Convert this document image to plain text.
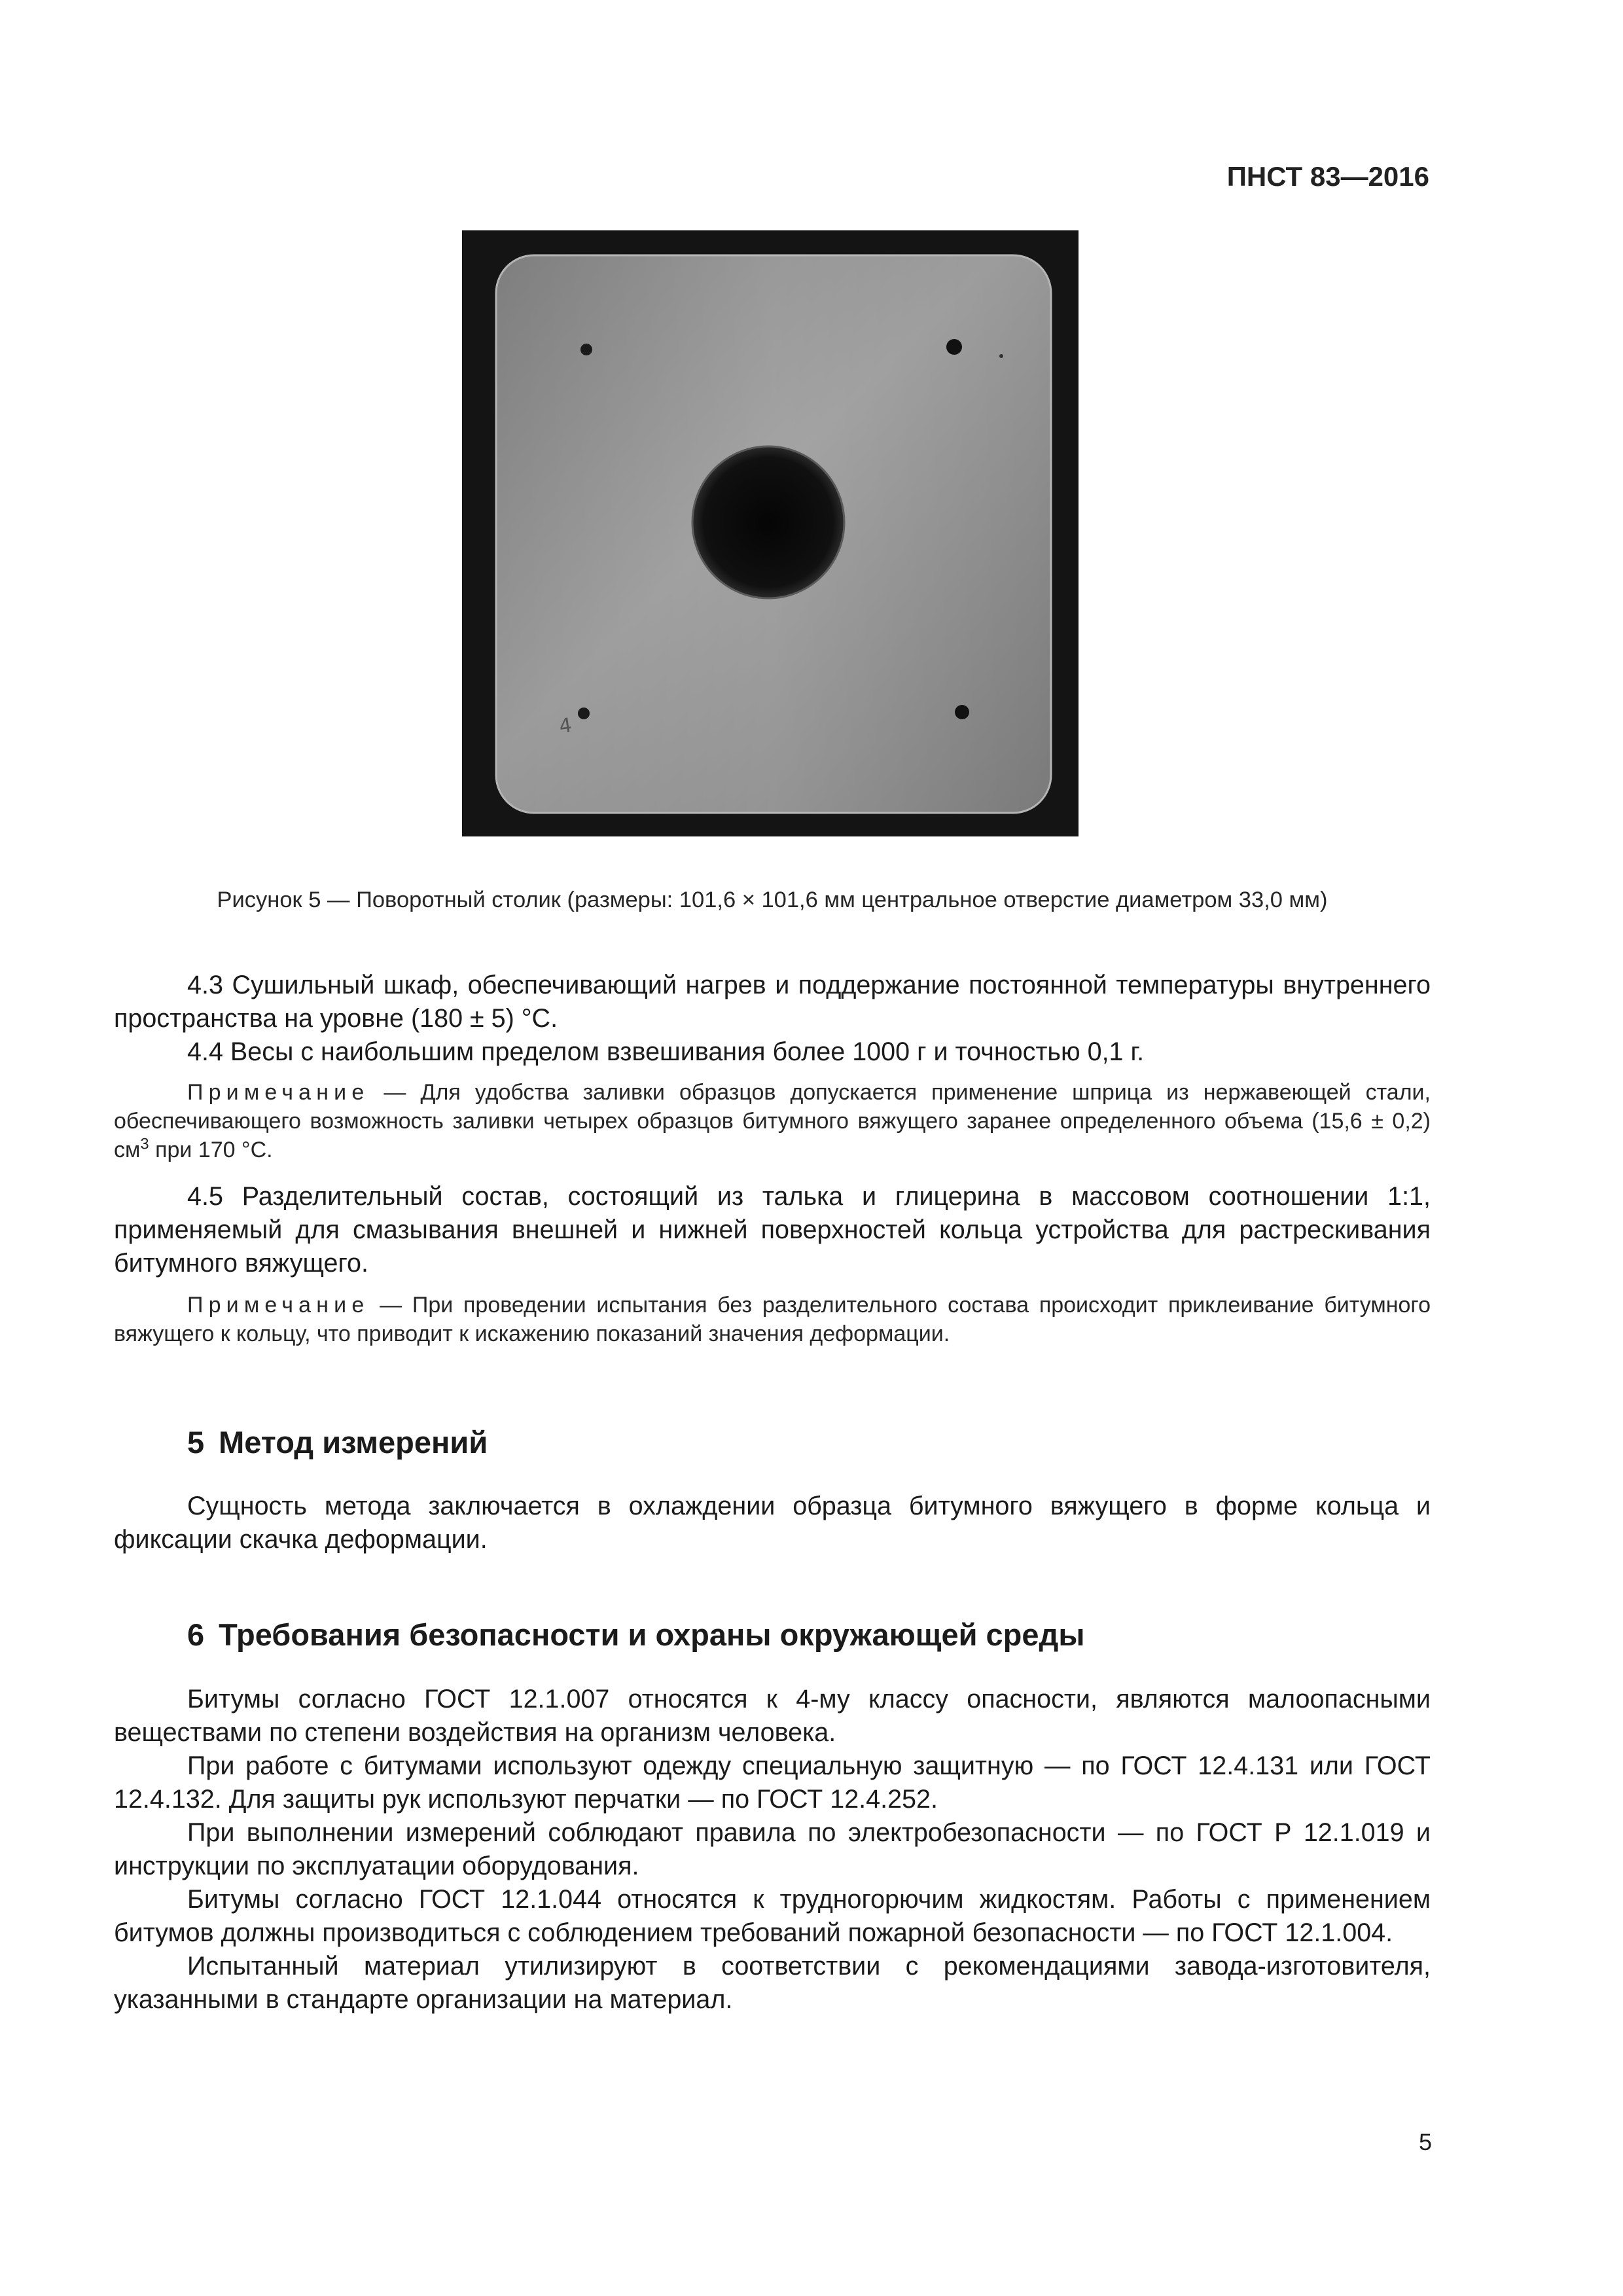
ПНСТ 83—2016
4
Рисунок 5 — Поворотный столик (размеры: 101,6 × 101,6 мм центральное отверстие диаметром 33,0 мм)

4.3 Сушильный шкаф, обеспечивающий нагрев и поддержание постоянной температуры внутреннего пространства на уровне (180 ± 5) °С.

4.4 Весы с наибольшим пределом взвешивания более 1000 г и точностью 0,1 г.

Примечание — Для удобства заливки образцов допускается применение шприца из нержавеющей стали, обеспечивающего возможность заливки четырех образцов битумного вяжущего заранее определенного объема (15,6 ± 0,2) $см^3$ при 170 °С.

4.5 Разделительный состав, состоящий из талька и глицерина в массовом соотношении 1:1, применяемый для смазывания внешней и нижней поверхностей кольца устройства для растрескивания битумного вяжущего.

Примечание — При проведении испытания без разделительного состава происходит приклеивание битумного вяжущего к кольцу, что приводит к искажению показаний значения деформации.

5 Метод измерений

Сущность метода заключается в охлаждении образца битумного вяжущего в форме кольца и фиксации скачка деформации.

6 Требования безопасности и охраны окружающей среды

Битумы согласно ГОСТ 12.1.007 относятся к 4-му классу опасности, являются малоопасными веществами по степени воздействия на организм человека.

При работе с битумами используют одежду специальную защитную — по ГОСТ 12.4.131 или ГОСТ 12.4.132. Для защиты рук используют перчатки — по ГОСТ 12.4.252.

При выполнении измерений соблюдают правила по электробезопасности — по ГОСТ Р 12.1.019 и инструкции по эксплуатации оборудования.

Битумы согласно ГОСТ 12.1.044 относятся к трудногорючим жидкостям. Работы с применением битумов должны производиться с соблюдением требований пожарной безопасности — по ГОСТ 12.1.004.

Испытанный материал утилизируют в соответствии с рекомендациями завода-изготовителя, указанными в стандарте организации на материал.

5
